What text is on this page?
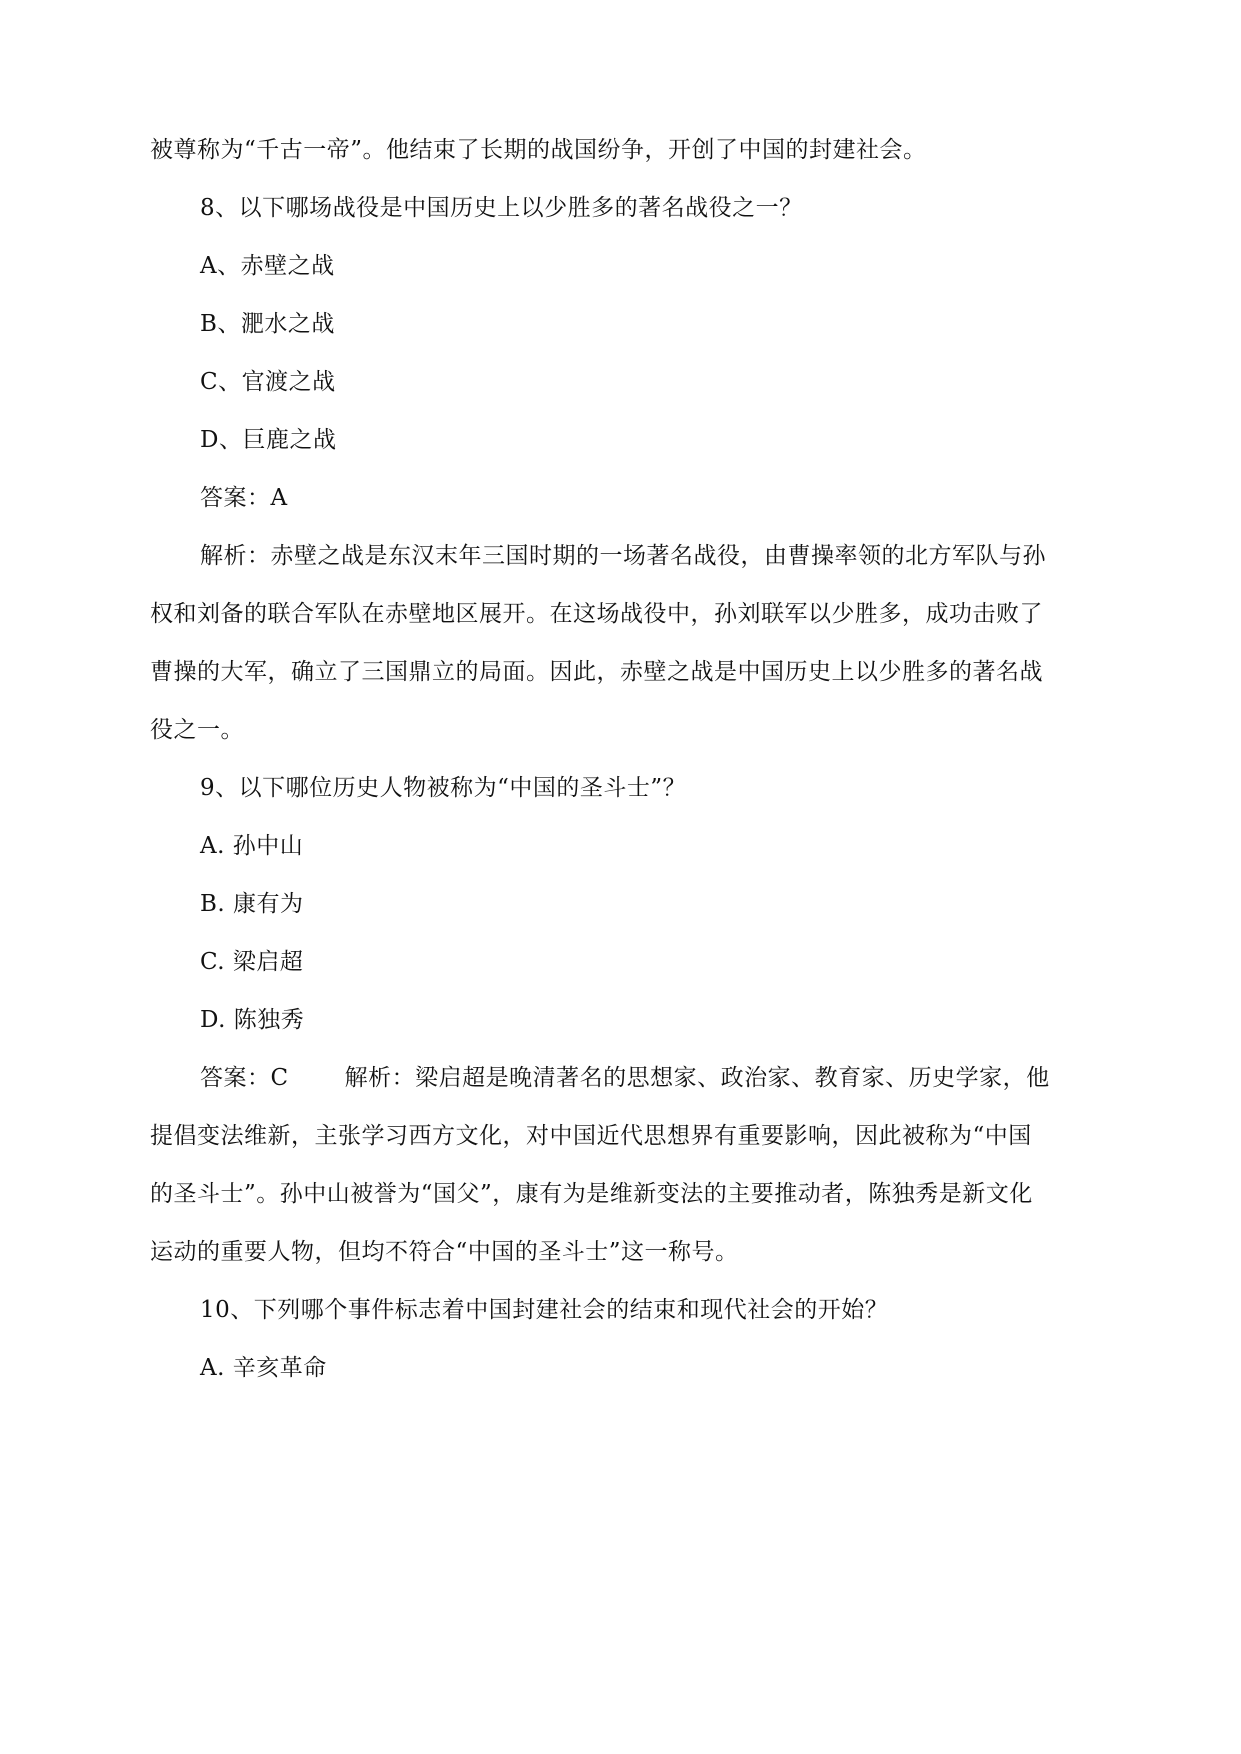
被尊称为“千古一帝”。他结束了长期的战国纷争，开创了中国的封建社会。
8、以下哪场战役是中国历史上以少胜多的著名战役之一？
A、赤壁之战
B、淝水之战
C、官渡之战
D、巨鹿之战
答案：A
解析：赤壁之战是东汉末年三国时期的一场著名战役，由曹操率领的北方军队与孙
权和刘备的联合军队在赤壁地区展开。在这场战役中，孙刘联军以少胜多，成功击败了
曹操的大军，确立了三国鼎立的局面。因此，赤壁之战是中国历史上以少胜多的著名战
役之一。
9、以下哪位历史人物被称为“中国的圣斗士”？
A. 孙中山
B. 康有为
C. 梁启超
D. 陈独秀
答案：C 解析：梁启超是晚清著名的思想家、政治家、教育家、历史学家，他
提倡变法维新，主张学习西方文化，对中国近代思想界有重要影响，因此被称为“中国
的圣斗士”。孙中山被誉为“国父”，康有为是维新变法的主要推动者，陈独秀是新文化
运动的重要人物，但均不符合“中国的圣斗士”这一称号。
10、下列哪个事件标志着中国封建社会的结束和现代社会的开始？
A. 辛亥革命
